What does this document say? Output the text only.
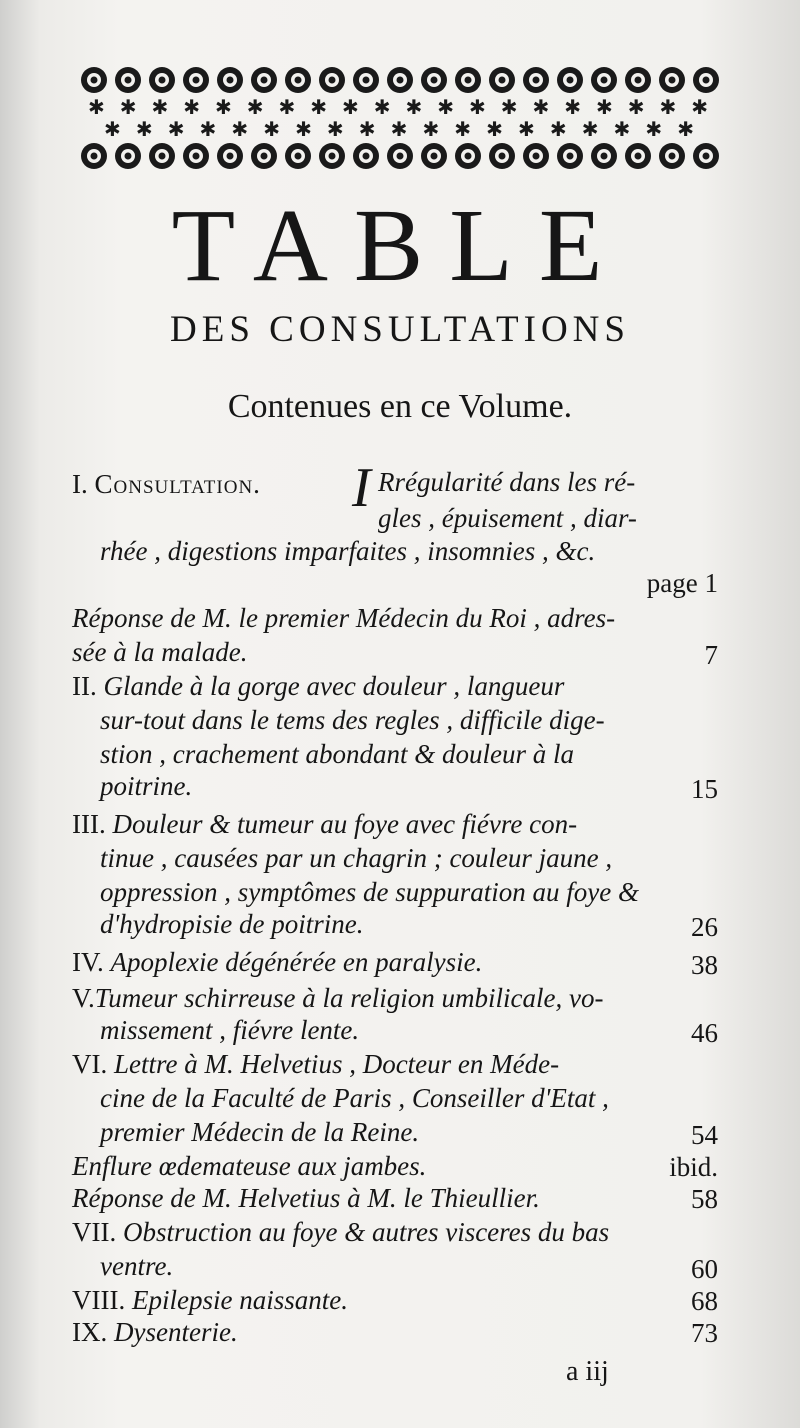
✱ ✱ ✱ ✱ ✱ ✱ ✱ ✱ ✱ ✱ ✱ ✱ ✱ ✱ ✱ ✱ ✱ ✱ ✱ ✱
✱ ✱ ✱ ✱ ✱ ✱ ✱ ✱ ✱ ✱ ✱ ✱ ✱ ✱ ✱ ✱ ✱ ✱ ✱
TABLE
DES CONSULTATIONS
Contenues en ce Volume.
I. Consultation. I Rrégularité dans les ré-
gles , épuisement , diar-
rhée , digestions imparfaites , insomnies , &c.
page 1
Réponse de M. le premier Médecin du Roi , adres-
sée à la malade.	7
II. Glande à la gorge avec douleur , langueur
sur-tout dans le tems des regles , difficile dige-
stion , crachement abondant & douleur à la
poitrine.	15
III. Douleur & tumeur au foye avec fiévre con-
tinue , causées par un chagrin ; couleur jaune ,
oppression , symptômes de suppuration au foye &
d'hydropisie de poitrine.	26
IV. Apoplexie dégénérée en paralysie.	38
V.Tumeur schirreuse à la religion umbilicale, vo-
missement , fiévre lente.	46
VI. Lettre à M. Helvetius , Docteur en Méde-
cine de la Faculté de Paris , Conseiller d'Etat ,
premier Médecin de la Reine.	54
Enflure œdemateuse aux jambes.	ibid.
Réponse de M. Helvetius à M. le Thieullier.	58
VII. Obstruction au foye & autres visceres du bas
ventre.	60
VIII. Epilepsie naissante.	68
IX. Dysenterie.	73
a iij
